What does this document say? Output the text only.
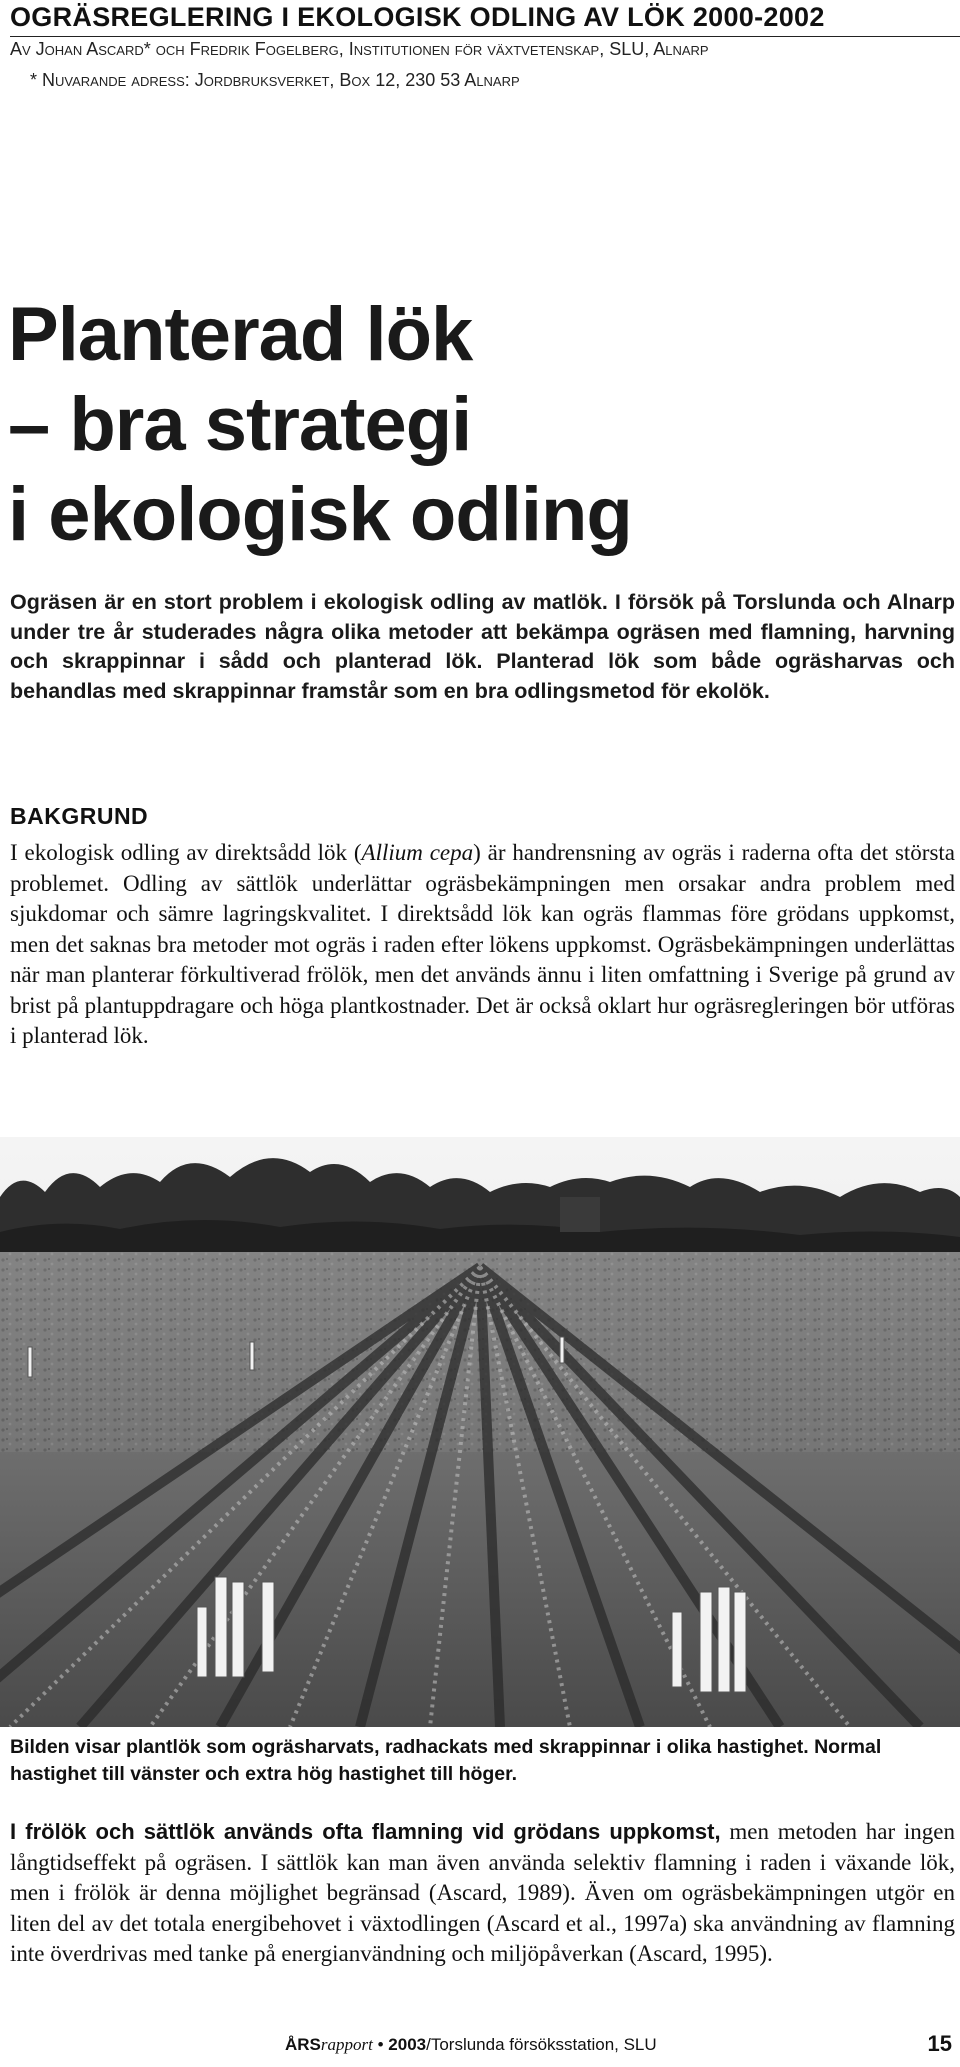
OGRÄSREGLERING I EKOLOGISK ODLING AV LÖK 2000-2002
Av Johan Ascard* och Fredrik Fogelberg, Institutionen för växtvetenskap, SLU, Alnarp
* Nuvarande adress: Jordbruksverket, Box 12, 230 53 Alnarp
Planterad lök
– bra strategi
i ekologisk odling
Ogräsen är en stort problem i ekologisk odling av matlök. I försök på Torslunda och Alnarp under tre år studerades några olika metoder att bekämpa ogräsen med flamning, harvning och skrappinnar i sådd och planterad lök. Planterad lök som både ogräsharvas och behandlas med skrappinnar framstår som en bra odlingsmetod för ekolök.
BAKGRUND

I ekologisk odling av direktsådd lök (Allium cepa) är handrensning av ogräs i raderna ofta det största problemet. Odling av sättlök underlättar ogräsbekämpningen men orsakar andra problem med sjukdomar och sämre lagringskvalitet. I direktsådd lök kan ogräs flammas före grödans uppkomst, men det saknas bra metoder mot ogräs i raden efter lökens uppkomst. Ogräsbekämpningen underlättas när man planterar förkultiverad frölök, men det används ännu i liten omfattning i Sverige på grund av brist på plantuppdragare och höga plantkostnader. Det är också oklart hur ogräsregleringen bör utföras i planterad lök.

Bilden visar plantlök som ogräsharvats, radhackats med skrappinnar i olika hastighet. Normal hastighet till vänster och extra hög hastighet till höger.

I frölök och sättlök används ofta flamning vid grödans uppkomst, men metoden har ingen långtidseffekt på ogräsen. I sättlök kan man även använda selektiv flamning i raden i växande lök, men i frölök är denna möjlighet begränsad (Ascard, 1989). Även om ogräsbekämpningen utgör en liten del av det totala energibehovet i växtodlingen (Ascard et al., 1997a) ska användning av flamning inte överdrivas med tanke på energianvändning och miljöpåverkan (Ascard, 1995).

ÅRSrapport • 2003/Torslunda försöksstation, SLU	15
